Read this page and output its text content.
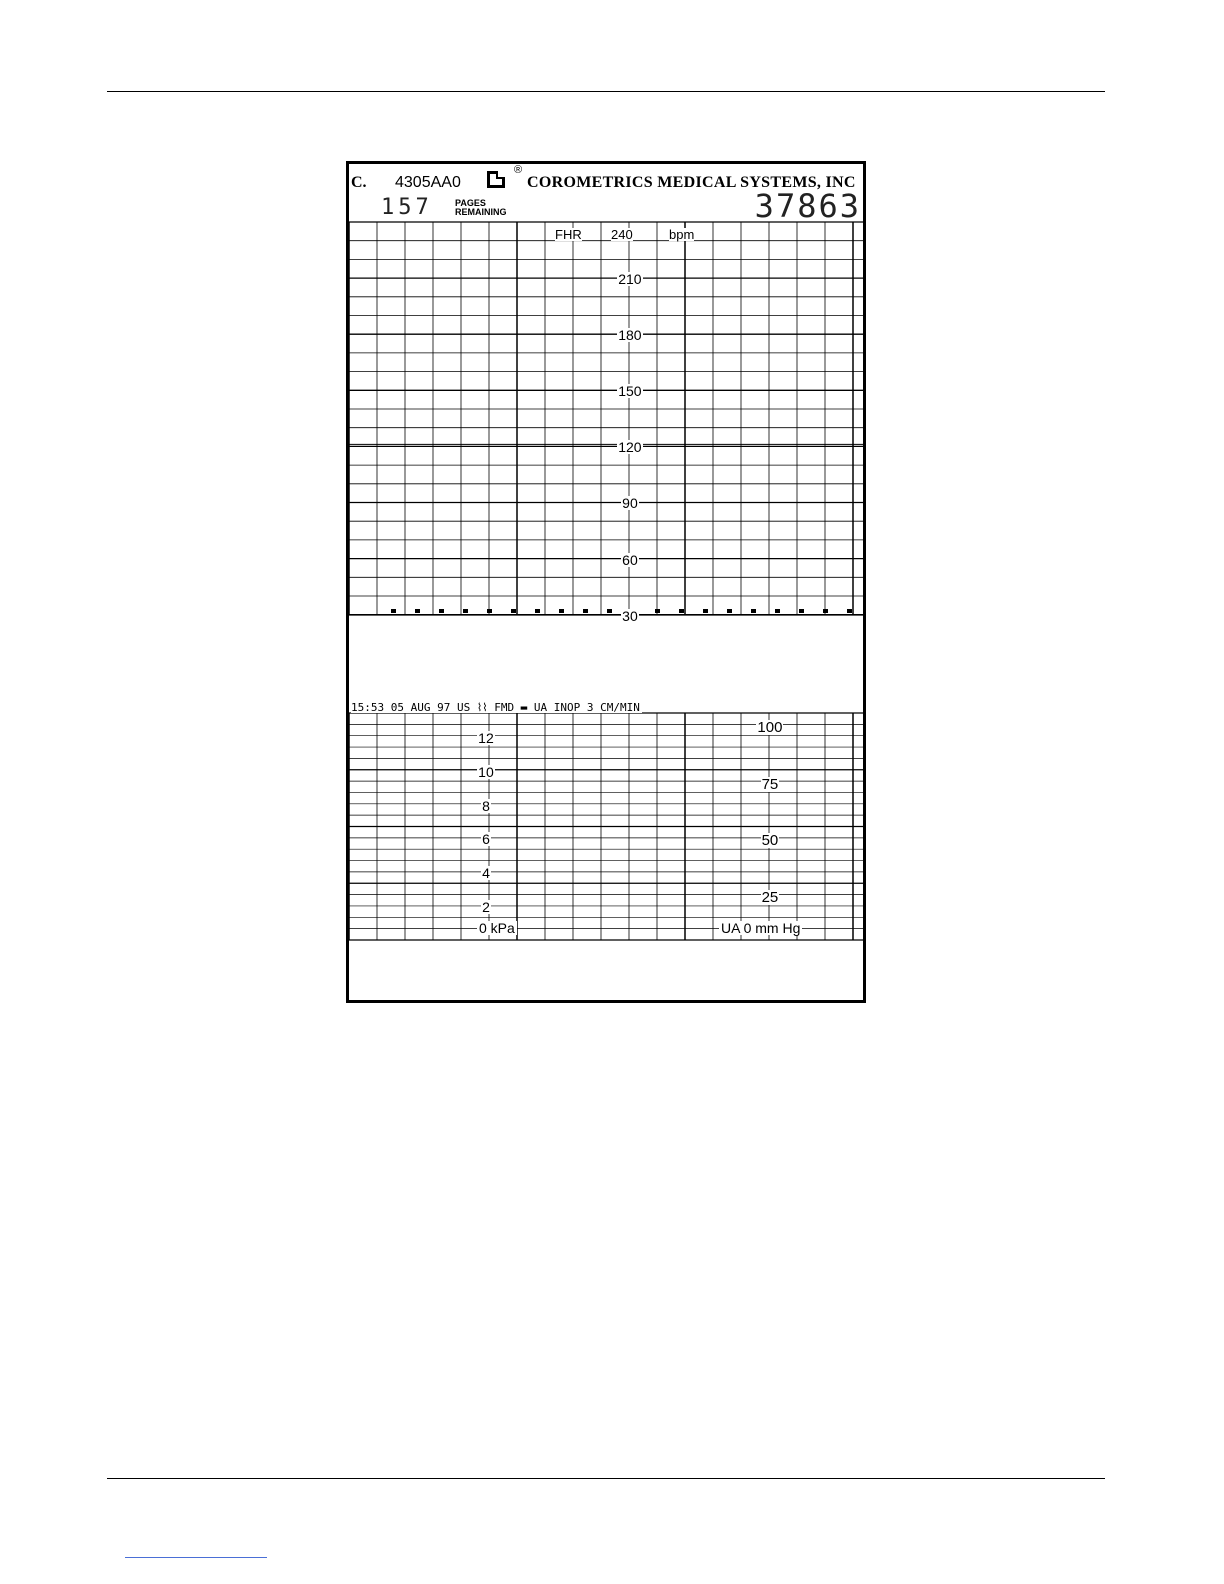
C. 4305AA0
®
COROMETRICS MEDICAL SYSTEMS, INC
157 PAGES
REMAINING	37863
FHR 240	bpm
210
180
150
120
90
60
30
15:53 05 AUG 97 US ⌇⌇ FMD ▬ UA INOP 3 CM/MIN
12
10
8
6
4
2
100
75
50
25
0 kPa	UA 0 mm Hg
